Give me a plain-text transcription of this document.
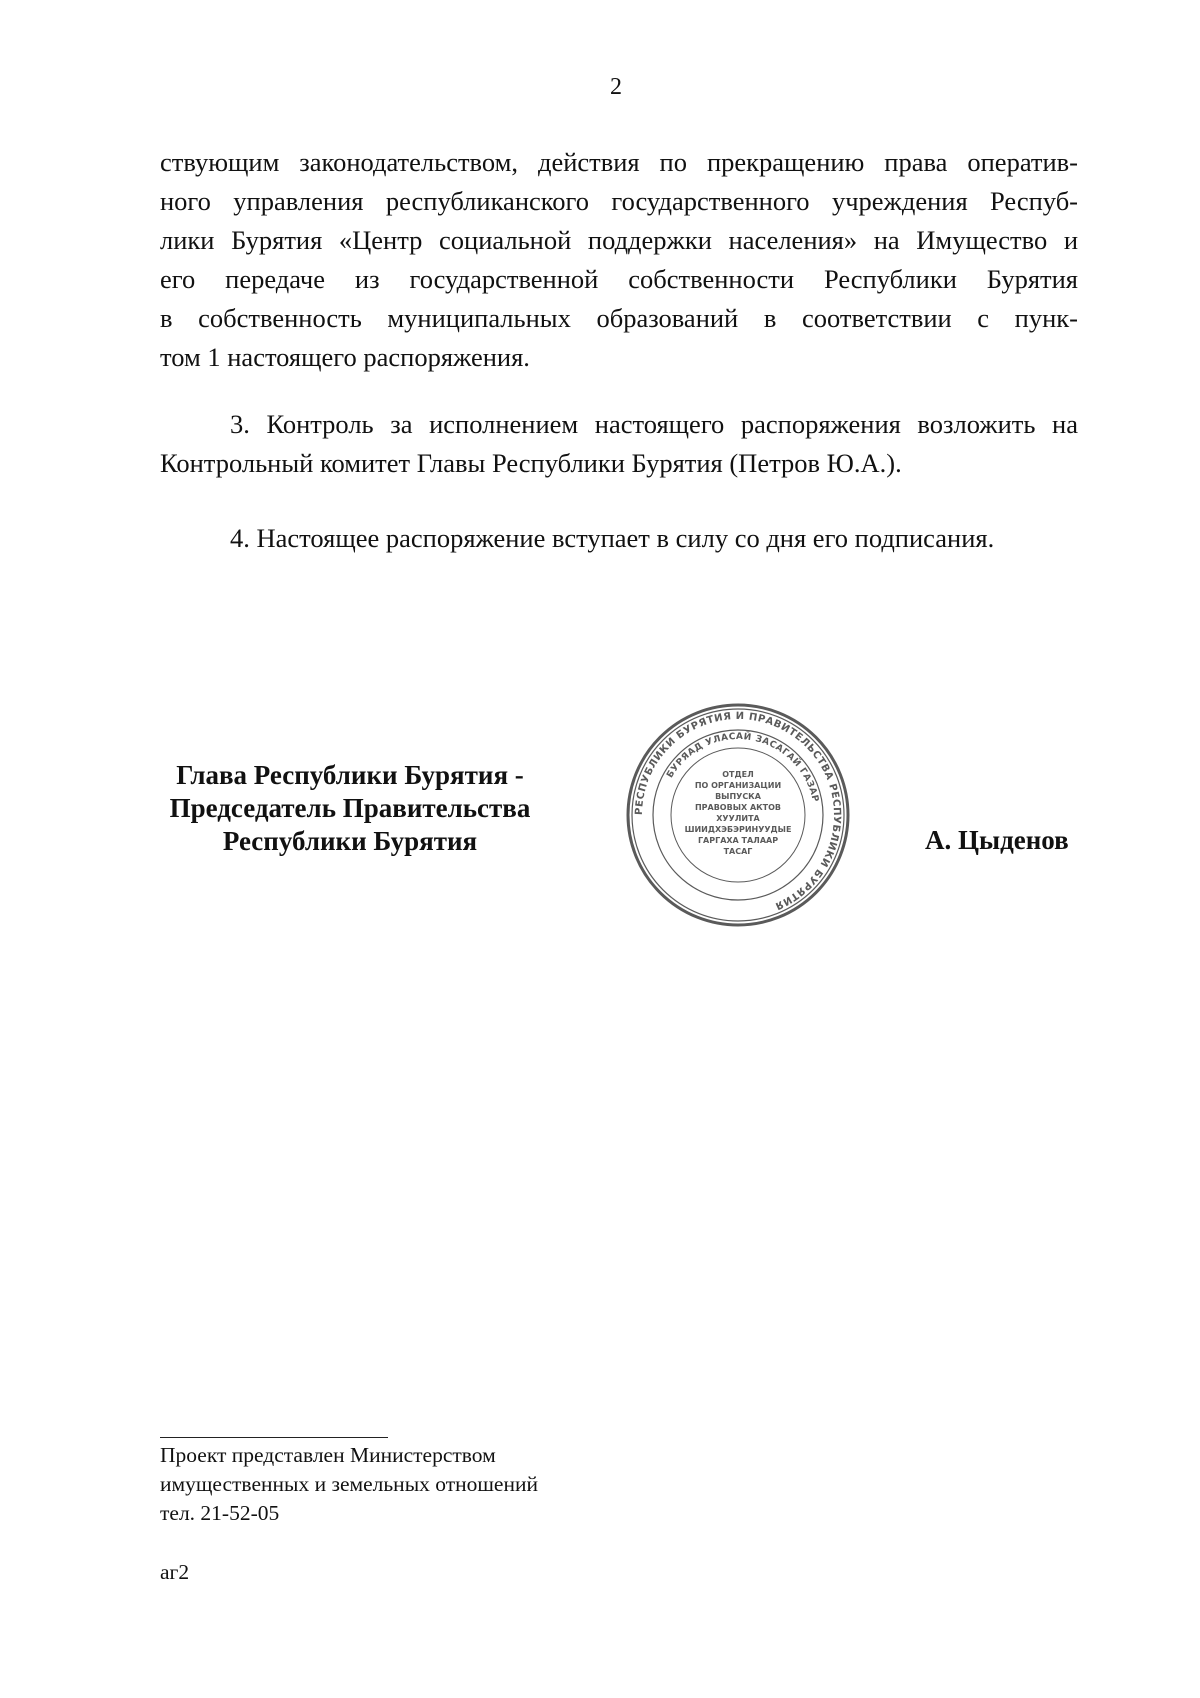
2
ствующим законодательством, действия по прекращению права оператив-
ного управления республиканского государственного учреждения Респуб-
лики Бурятия «Центр социальной поддержки населения» на Имущество и
его передаче из государственной собственности Республики Бурятия
в собственность муниципальных образований в соответствии с пунк-
том 1 настоящего распоряжения.
3. Контроль за исполнением настоящего распоряжения возложить на
Контрольный комитет Главы Республики Бурятия (Петров Ю.А.).
4. Настоящее распоряжение вступает в силу со дня его подписания.
Глава Республики Бурятия -
Председатель Правительства
Республики Бурятия
РЕСПУБЛИКИ БУРЯТИЯ И ПРАВИТЕЛЬСТВА РЕСПУБЛИКИ БУРЯТИЯ
БУРЯАД УЛАСАЙ ЗАСАГАЙ ГАЗАР
ОТДЕЛ
ПО ОРГАНИЗАЦИИ
ВЫПУСКА
ПРАВОВЫХ АКТОВ
ХУУЛИТА
ШИИДХЭБЭРИНУУДЫЕ
ГАРГАХА ТАЛААР
ТАСАГ	А. Цыденов
Проект представлен Министерством
имущественных и земельных отношений
тел. 21-52-05
аг2
